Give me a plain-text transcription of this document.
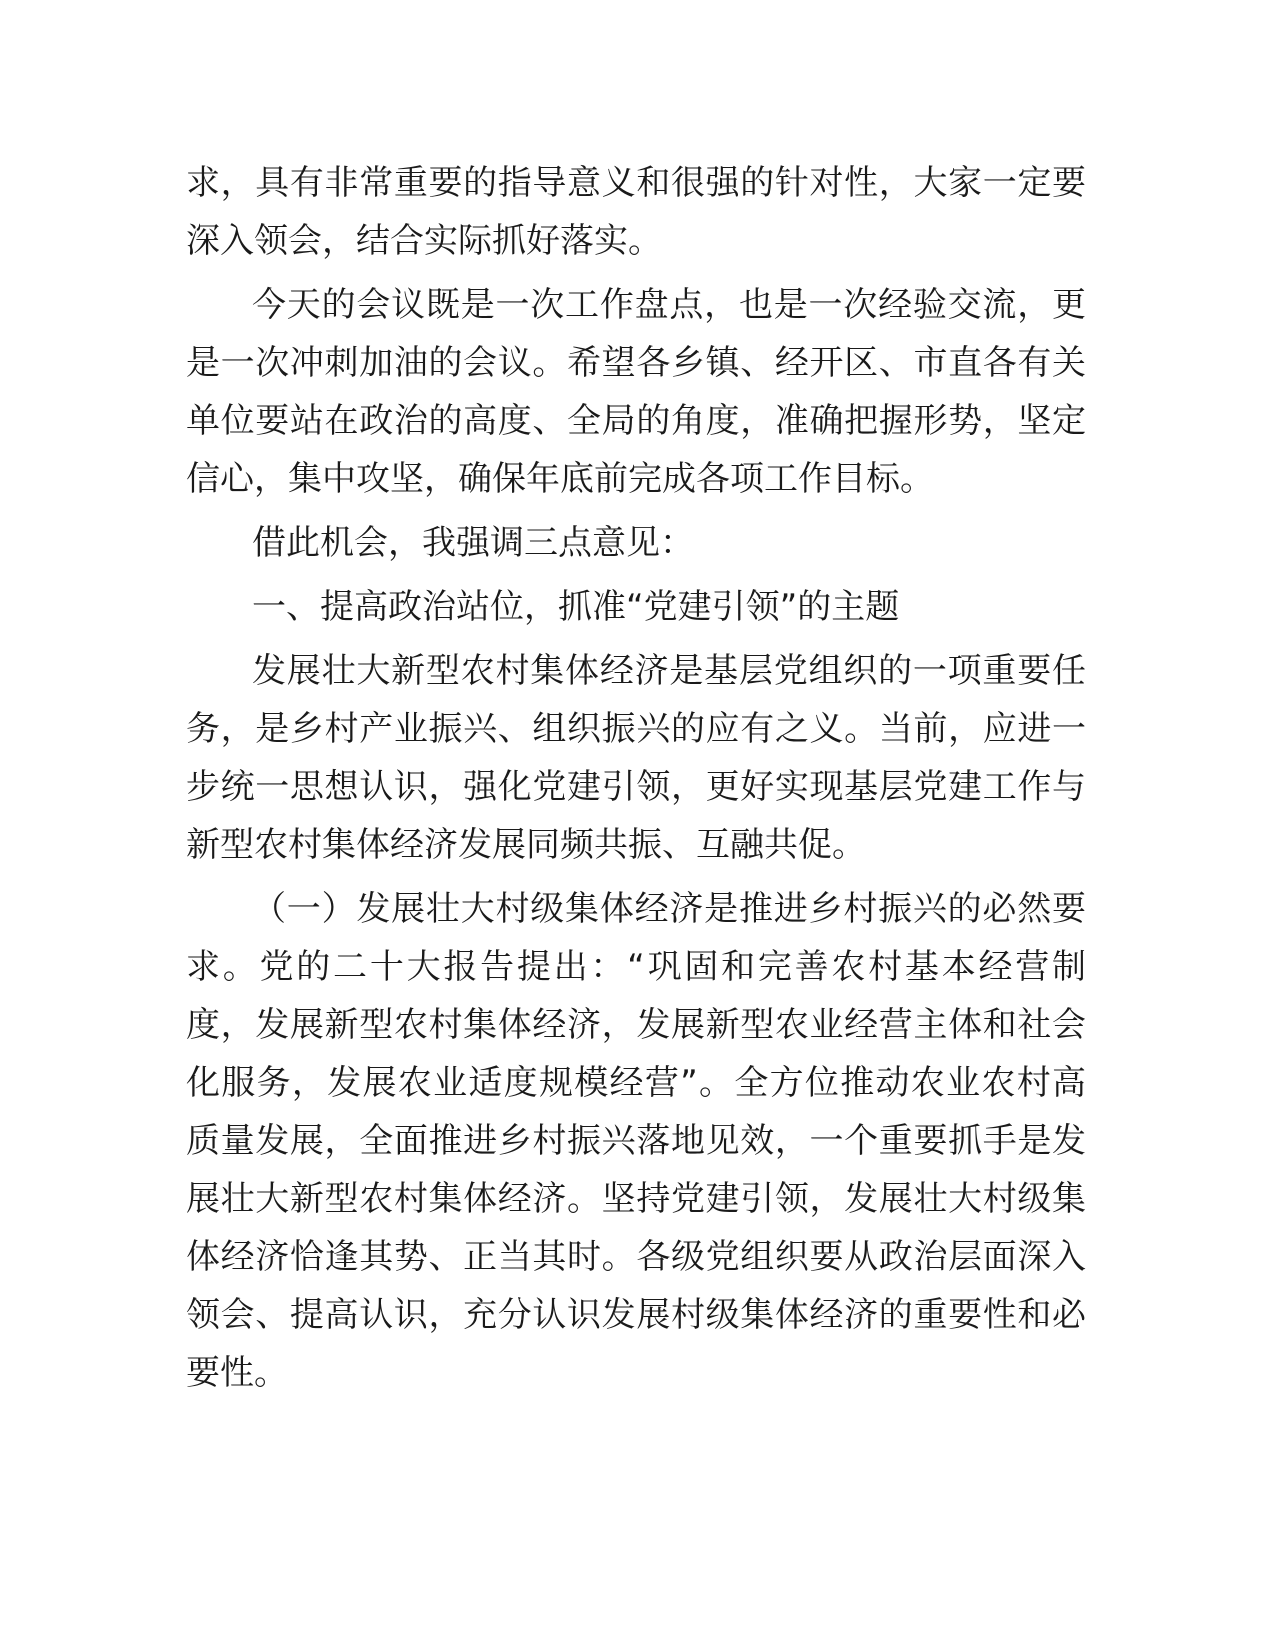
求，具有非常重要的指导意义和很强的针对性，大家一定要深入领会，结合实际抓好落实。

今天的会议既是一次工作盘点，也是一次经验交流，更是一次冲刺加油的会议。希望各乡镇、经开区、市直各有关单位要站在政治的高度、全局的角度，准确把握形势，坚定信心，集中攻坚，确保年底前完成各项工作目标。

借此机会，我强调三点意见：

一、提高政治站位，抓准“党建引领”的主题

发展壮大新型农村集体经济是基层党组织的一项重要任务，是乡村产业振兴、组织振兴的应有之义。当前，应进一步统一思想认识，强化党建引领，更好实现基层党建工作与新型农村集体经济发展同频共振、互融共促。

（一）发展壮大村级集体经济是推进乡村振兴的必然要求。党的二十大报告提出：“巩固和完善农村基本经营制度，发展新型农村集体经济，发展新型农业经营主体和社会化服务，发展农业适度规模经营”。全方位推动农业农村高质量发展，全面推进乡村振兴落地见效，一个重要抓手是发展壮大新型农村集体经济。坚持党建引领，发展壮大村级集体经济恰逢其势、正当其时。各级党组织要从政治层面深入领会、提高认识，充分认识发展村级集体经济的重要性和必要性。
